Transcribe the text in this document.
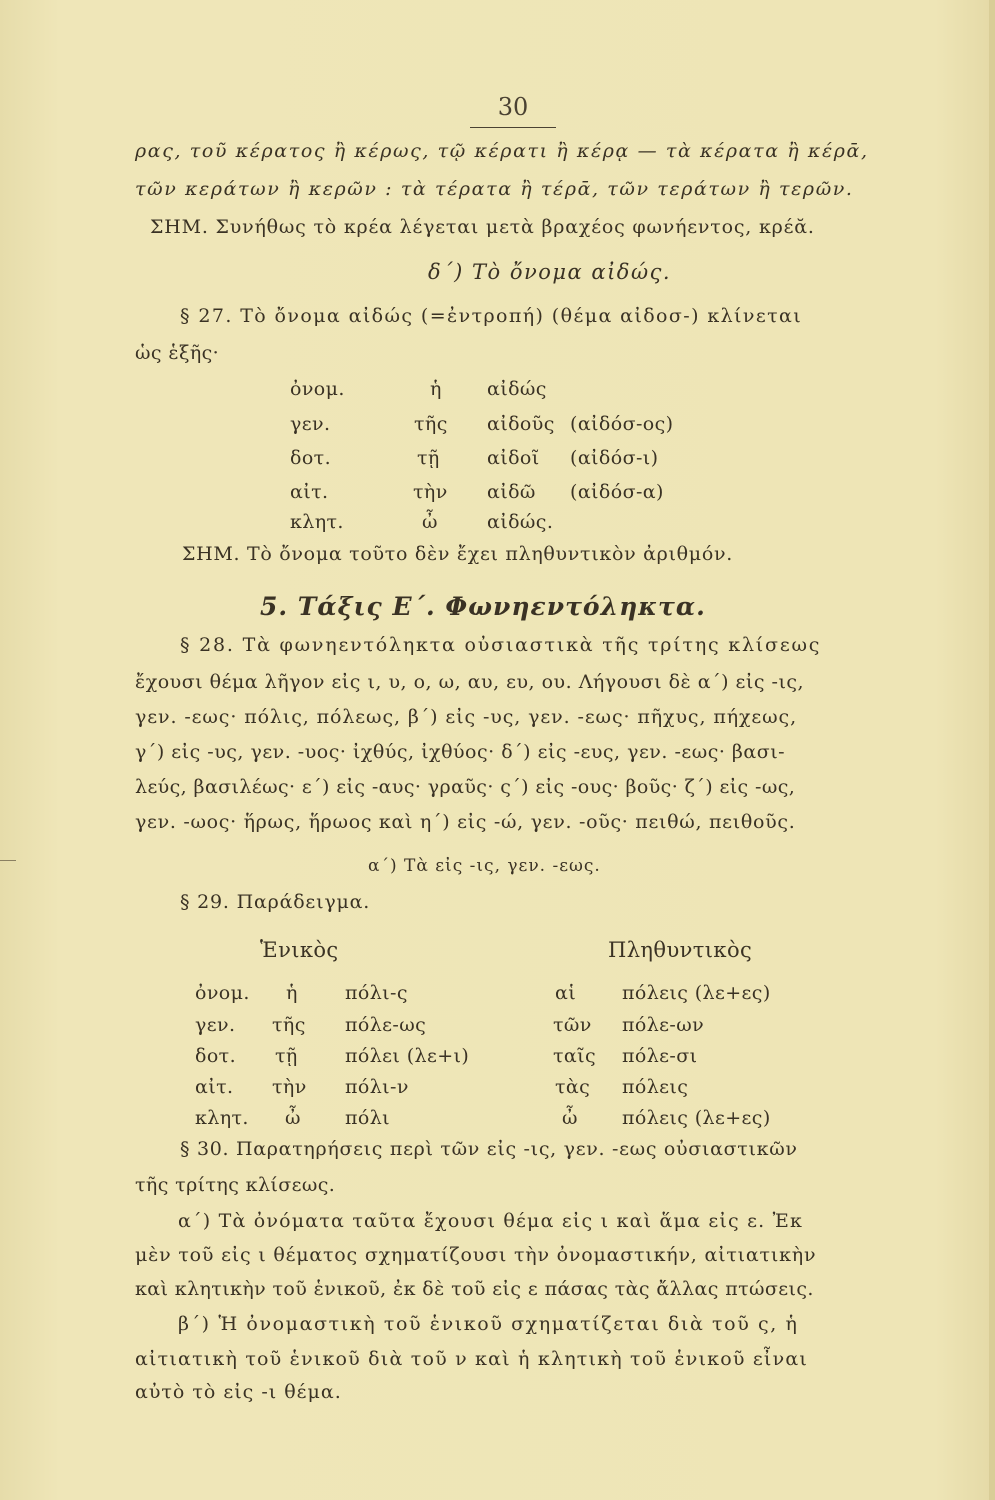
30
ρας, τοῦ κέρατος ἢ κέρως, τῷ κέρατι ἢ κέρᾳ — τὰ κέρατα ἢ κέρᾱ,
τῶν κεράτων ἢ κερῶν : τὰ τέρατα ἢ τέρᾱ, τῶν τεράτων ἢ τερῶν.
ΣΗΜ. Συνήθως τὸ κρέα λέγεται μετὰ βραχέος φωνήεντος, κρέᾰ.
δ΄) Τὸ ὄνομα αἰδώς.
§ 27. Τὸ ὄνομα αἰδώς (=ἐντροπή) (θέμα αἰδοσ-) κλίνεται
ὡς ἑξῆς·
ὀνομ.	ἡ αἰδώς
γεν.	τῆς αἰδοῦς (αἰδόσ-ος)
δοτ.	τῇ αἰδοῖ (αἰδόσ-ι)
αἰτ.	τὴν αἰδῶ (αἰδόσ-α)
κλητ.	ὦ	αἰδώς.
ΣΗΜ. Τὸ ὄνομα τοῦτο δὲν ἔχει πληθυντικὸν ἀριθμόν.
5. Τάξις Ε΄. Φωνηεντόληκτα.
§ 28. Τὰ φωνηεντόληκτα οὐσιαστικὰ τῆς τρίτης κλίσεως
ἔχουσι θέμα λῆγον εἰς ι, υ, ο, ω, αυ, ευ, ου. Λήγουσι δὲ α΄) εἰς -ις,
γεν. -εως· πόλις, πόλεως, β΄) εἰς -υς, γεν. -εως· πῆχυς, πήχεως,
γ΄) εἰς -υς, γεν. -υος· ἰχθύς, ἰχθύος· δ΄) εἰς -ευς, γεν. -εως· βασι-
λεύς, βασιλέως· ε΄) εἰς -αυς· γραῦς· ς΄) εἰς -ους· βοῦς· ζ΄) εἰς -ως,
γεν. -ωος· ἥρως, ἥρωος καὶ η΄) εἰς -ώ, γεν. -οῦς· πειθώ, πειθοῦς.
α΄) Τὰ εἰς -ις, γεν. -εως.
§ 29. Παράδειγμα.
Ἑνικὸς	Πληθυντικὸς
ὀνομ. ἡ πόλι-ς	αἱ πόλεις (λε+ες)
γεν. τῆς πόλε-ως	τῶν πόλε-ων
δοτ. τῇ πόλει (λε+ι)	ταῖς πόλε-σι
αἰτ. τὴν πόλι-ν	τὰς πόλεις
κλητ. ὦ πόλι	ὦ πόλεις (λε+ες)
§ 30. Παρατηρήσεις περὶ τῶν εἰς -ις, γεν. -εως οὐσιαστικῶν
τῆς τρίτης κλίσεως.
α΄) Τὰ ὀνόματα ταῦτα ἔχουσι θέμα εἰς ι καὶ ἅμα εἰς ε. Ἐκ
μὲν τοῦ εἰς ι θέματος σχηματίζουσι τὴν ὀνομαστικήν, αἰτιατικὴν
καὶ κλητικὴν τοῦ ἑνικοῦ, ἐκ δὲ τοῦ εἰς ε πάσας τὰς ἄλλας πτώσεις.
β΄) Ἡ ὀνομαστικὴ τοῦ ἑνικοῦ σχηματίζεται διὰ τοῦ ς, ἡ
αἰτιατικὴ τοῦ ἑνικοῦ διὰ τοῦ ν καὶ ἡ κλητικὴ τοῦ ἑνικοῦ εἶναι
αὐτὸ τὸ εἰς -ι θέμα.
